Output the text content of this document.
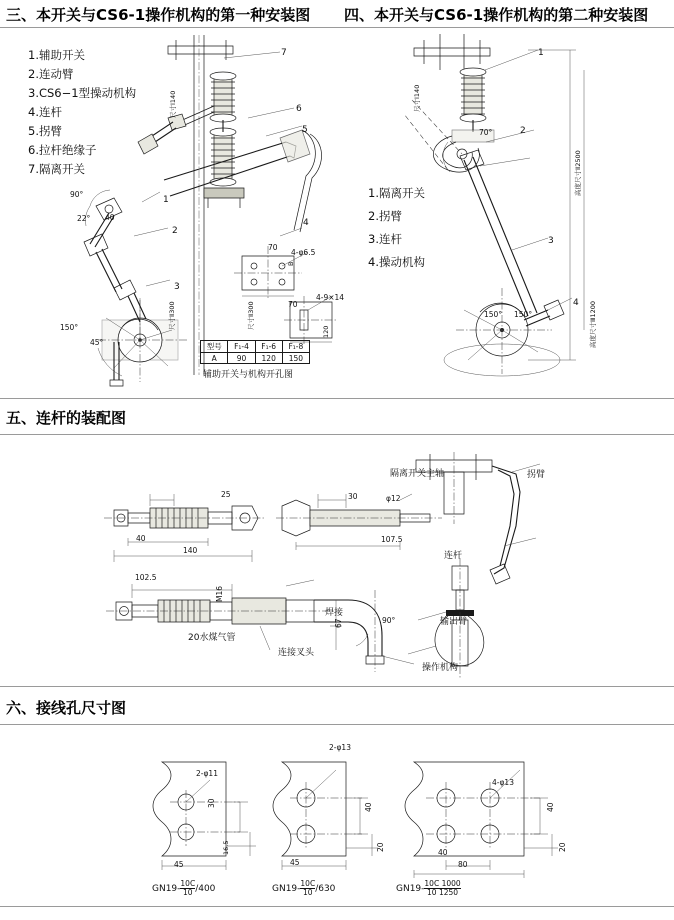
三、本开关与CS6-1操作机构的第一种安装图 四、本开关与CS6-1操作机构的第二种安装图
1.辅助开关
2.连动臂
3.CS6−1型操动机构
4.连杆
5.拐臂
6.拉杆绝缘子
7.隔离开关
1
2
3
4
5
6
7
90°
22°
150°
45°
40
尺寸Ⅰ140
尺寸Ⅱ300
70
4-φ6.5
4-9×14
70
B
120
尺寸Ⅱ300
型号	F₁-4	F₁-6	F₁-8
A	90	120	150
辅助开关与机构开孔图
1
2
3
4
70°
150°
150°
尺寸Ⅰ140
高度尺寸Ⅱ2500
高度尺寸Ⅲ1200
1.隔离开关
2.拐臂
3.连杆
4.操动机构
五、连杆的装配图
隔离开关主轴	拐臂
连杆
输出臂
操作机构
焊接
连接叉头
20水煤气管
25
40
140
30	φ12
107.5
102.5
M16
67	90°
六、接线孔尺寸图
2-φ11
45
30
16.5
$GN19- \frac{10C}{10} /400$
2-φ13
45
40
20
$GN19- \frac{10C}{10} /630$
4-φ13
40
80
40
20
$GN19- \frac{10C 1000}{10 1250}$
